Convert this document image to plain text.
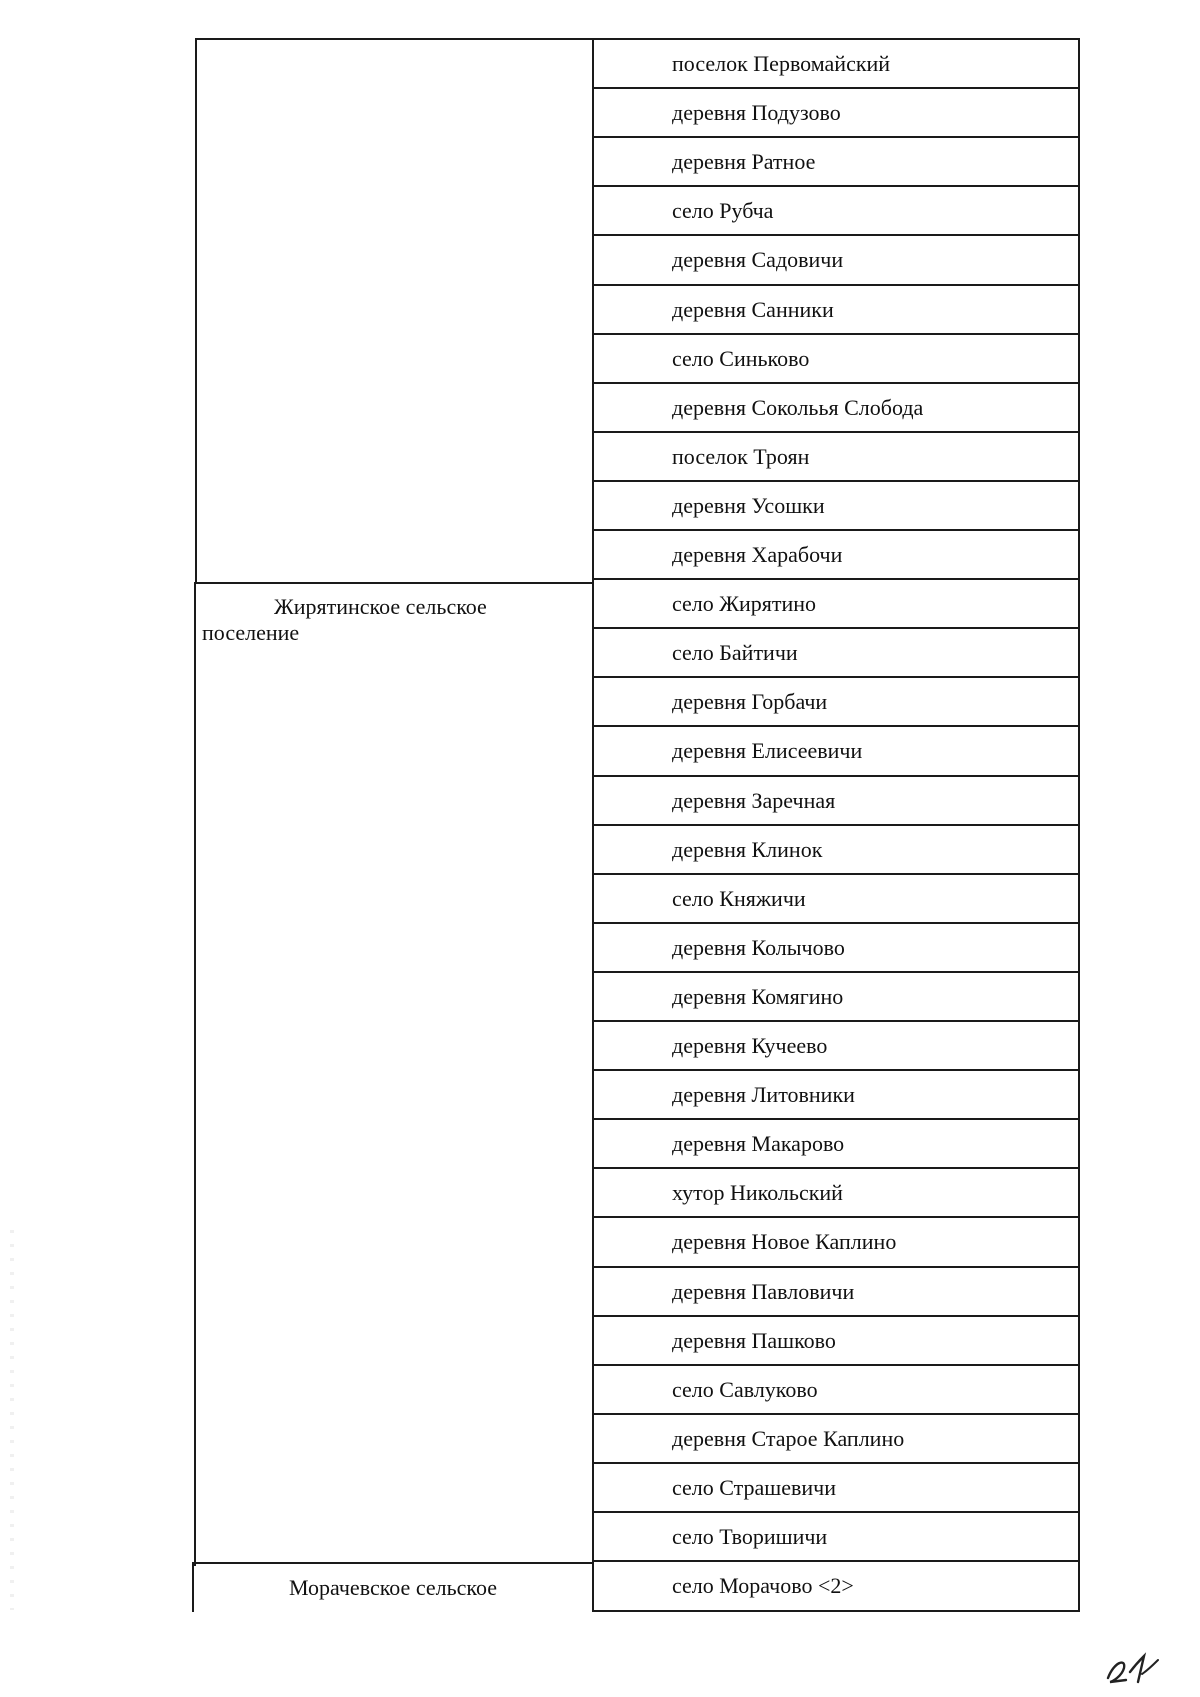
Жирятинское сельское поселение
Морачевское сельское
поселок Первомайский
деревня Подузово
деревня Ратное
село Рубча
деревня Садовичи
деревня Санники
село Синьково
деревня Сокольья Слобода
поселок Троян
деревня Усошки
деревня Харабочи
село Жирятино
село Байтичи
деревня Горбачи
деревня Елисеевичи
деревня Заречная
деревня Клинок
село Княжичи
деревня Колычово
деревня Комягино
деревня Кучеево
деревня Литовники
деревня Макарово
хутор Никольский
деревня Новое Каплино
деревня Павловичи
деревня Пашково
село Савлуково
деревня Старое Каплино
село Страшевичи
село Творишичи
село Морачово <2>
